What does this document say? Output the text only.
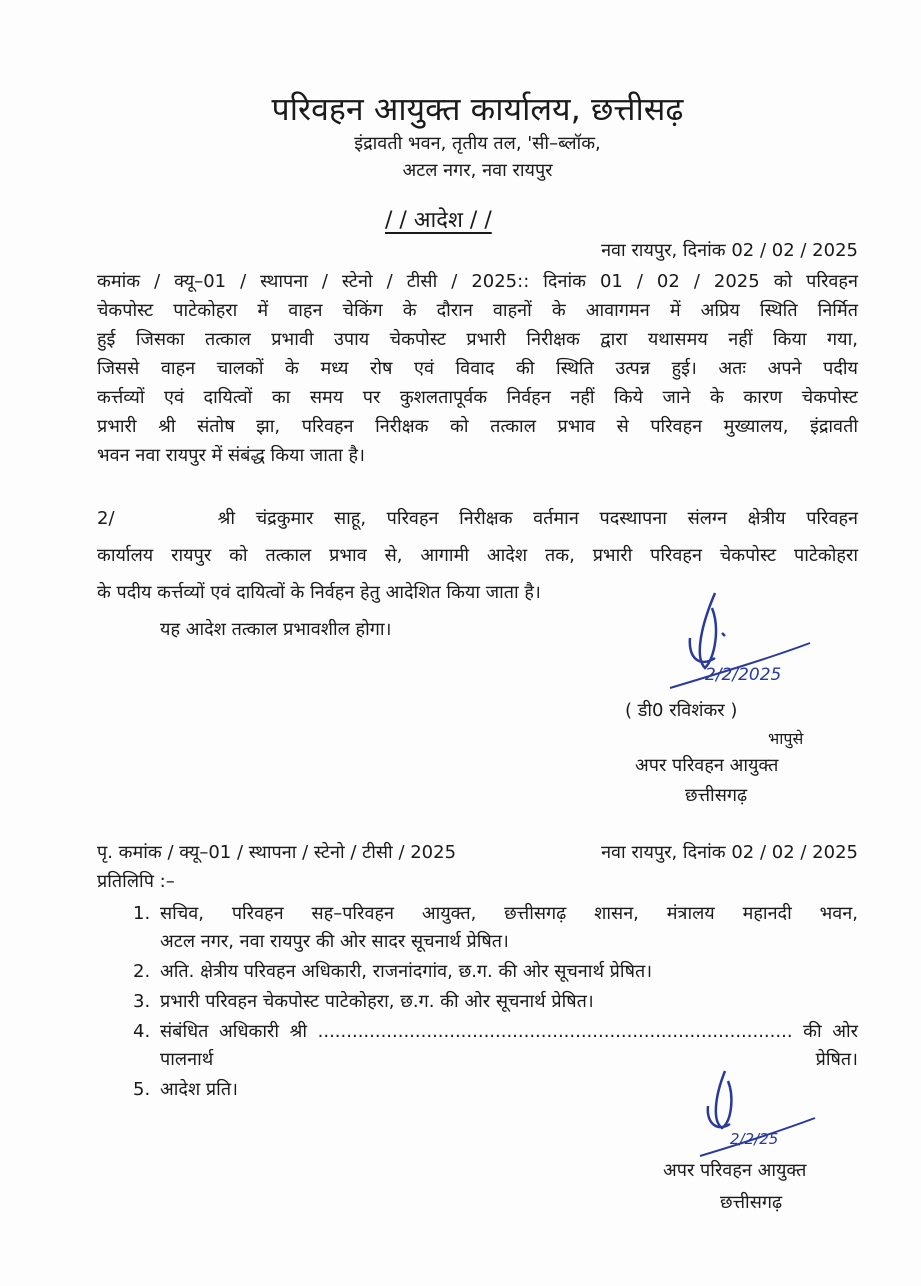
परिवहन आयुक्त कार्यालय, छत्तीसढ़
इंद्रावती भवन, तृतीय तल, 'सी–ब्लॉक,
अटल नगर, नवा रायपुर
/ / आदेश / /
नवा रायपुर, दिनांक 02 / 02 / 2025
कमांक / क्यू–01 / स्थापना / स्टेनो / टीसी / 2025:: दिनांक 01 / 02 / 2025 को परिवहन
चेकपोस्ट पाटेकोहरा में वाहन चेकिंग के दौरान वाहनों के आवागमन में अप्रिय स्थिति निर्मित
हुई जिसका तत्काल प्रभावी उपाय चेकपोस्ट प्रभारी निरीक्षक द्वारा यथासमय नहीं किया गया,
जिससे वाहन चालकों के मध्य रोष एवं विवाद की स्थिति उत्पन्न हुई। अतः अपने पदीय
कर्त्तव्यों एवं दायित्वों का समय पर कुशलतापूर्वक निर्वहन नहीं किये जाने के कारण चेकपोस्ट
प्रभारी श्री संतोष झा, परिवहन निरीक्षक को तत्काल प्रभाव से परिवहन मुख्यालय, इंद्रावती
भवन नवा रायपुर में संबंद्ध किया जाता है।
2/     श्री चंद्रकुमार साहू, परिवहन निरीक्षक वर्तमान पदस्थापना संलग्न क्षेत्रीय परिवहन
कार्यालय रायपुर को तत्काल प्रभाव से, आगामी आदेश तक, प्रभारी परिवहन चेकपोस्ट पाटेकोहरा
के पदीय कर्त्तव्यों एवं दायित्वों के निर्वहन हेतु आदेशित किया जाता है।
यह आदेश तत्काल प्रभावशील होगा।
2/2/2025
( डी0 रविशंकर )
भापुसे
अपर परिवहन आयुक्त
छत्तीसगढ़
पृ. कमांक / क्यू–01 / स्थापना / स्टेनो / टीसी / 2025	नवा रायपुर, दिनांक 02 / 02 / 2025
प्रतिलिपि :–
1. सचिव, परिवहन सह–परिवहन आयुक्त, छत्तीसगढ़ शासन, मंत्रालय महानदी भवन,
अटल नगर, नवा रायपुर की ओर सादर सूचनार्थ प्रेषित।
2. अति. क्षेत्रीय परिवहन अधिकारी, राजनांदगांव, छ.ग. की ओर सूचनार्थ प्रेषित।
3. प्रभारी परिवहन चेकपोस्ट पाटेकोहरा, छ.ग. की ओर सूचनार्थ प्रेषित।
4. संबंधित अधिकारी श्री ................................................................................... की ओर पालनार्थ प्रेषित।
5. आदेश प्रति।
2/2/25
अपर परिवहन आयुक्त
छत्तीसगढ़
